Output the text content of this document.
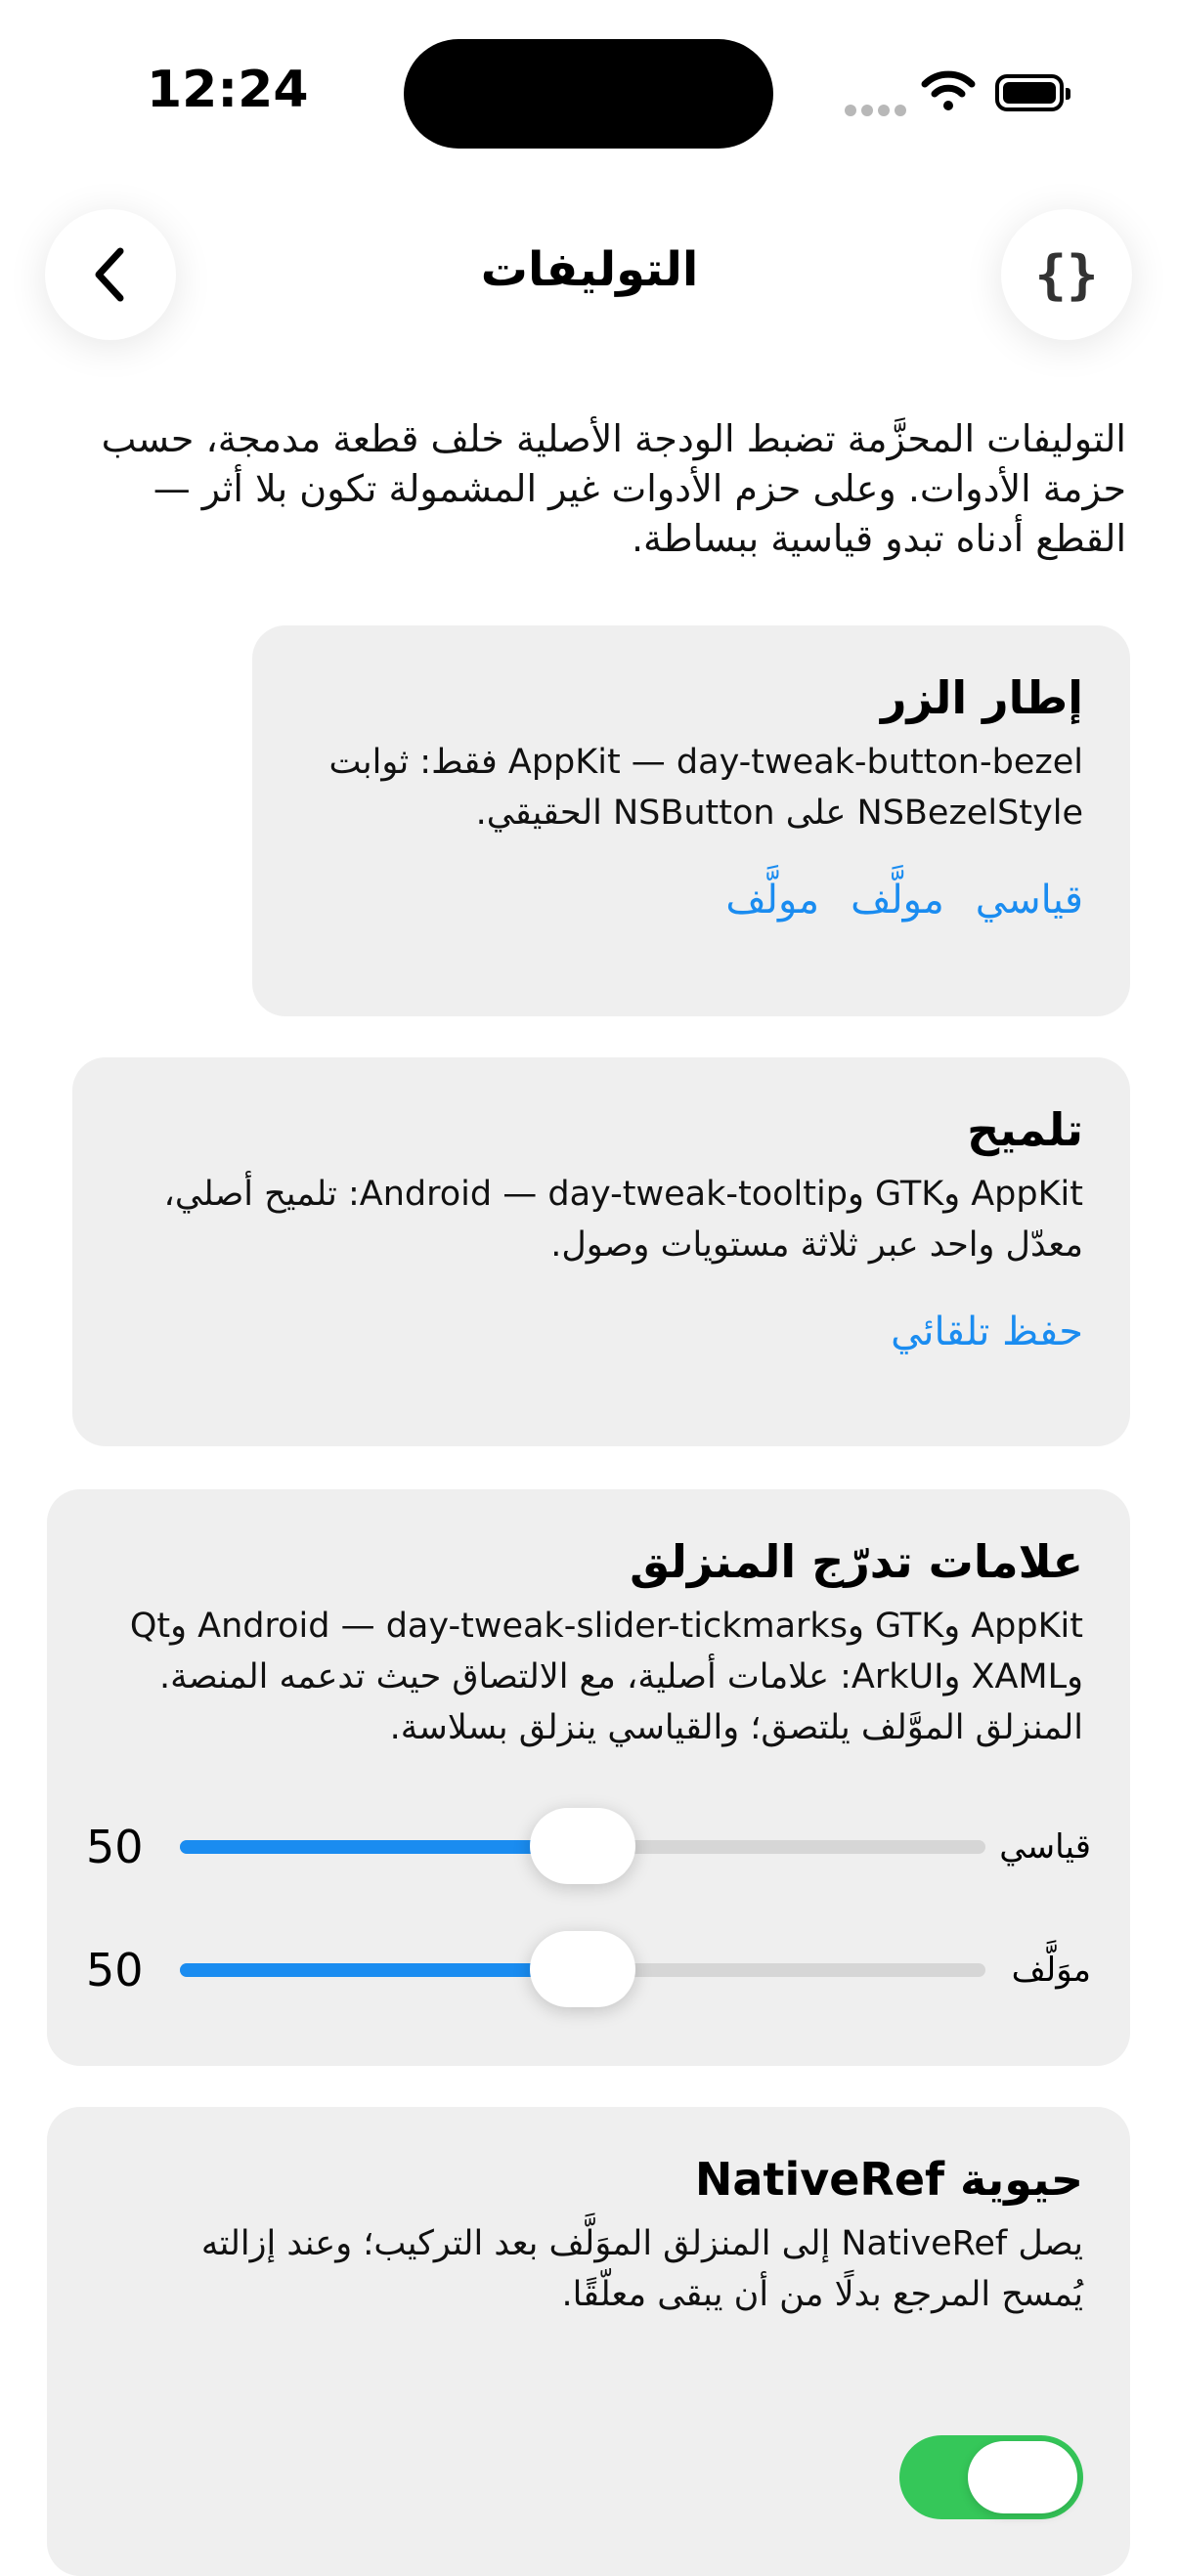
12:24
التوليفات	{}
التوليفات المحزَّمة تضبط الودجة الأصلية خلف قطعة مدمجة، حسب حزمة الأدوات. وعلى حزم الأدوات غير المشمولة تكون بلا أثر — القطع أدناه تبدو قياسية ببساطة.
إطار الزر

AppKit — day-tweak-button-bezel فقط: ثوابت NSBezelStyle على NSButton الحقيقي.

قياسي
مولَّف
مولَّف
تلميح

AppKit وGTK وAndroid — day-tweak-tooltip: تلميح أصلي، معدّل واحد عبر ثلاثة مستويات وصول.

حفظ تلقائي
علامات تدرّج المنزلق

AppKit وGTK وAndroid — day-tweak-slider-tickmarks وQt وXAML وArkUI: علامات أصلية، مع الالتصاق حيث تدعمه المنصة. المنزلق الموَّلف يلتصق؛ والقياسي ينزلق بسلاسة.

قياسي
50
موَلَّف
50
حيوية NativeRef

يصل NativeRef إلى المنزلق الموَلَّف بعد التركيب؛ وعند إزالته يُمسح المرجع بدلًا من أن يبقى معلّقًا.
